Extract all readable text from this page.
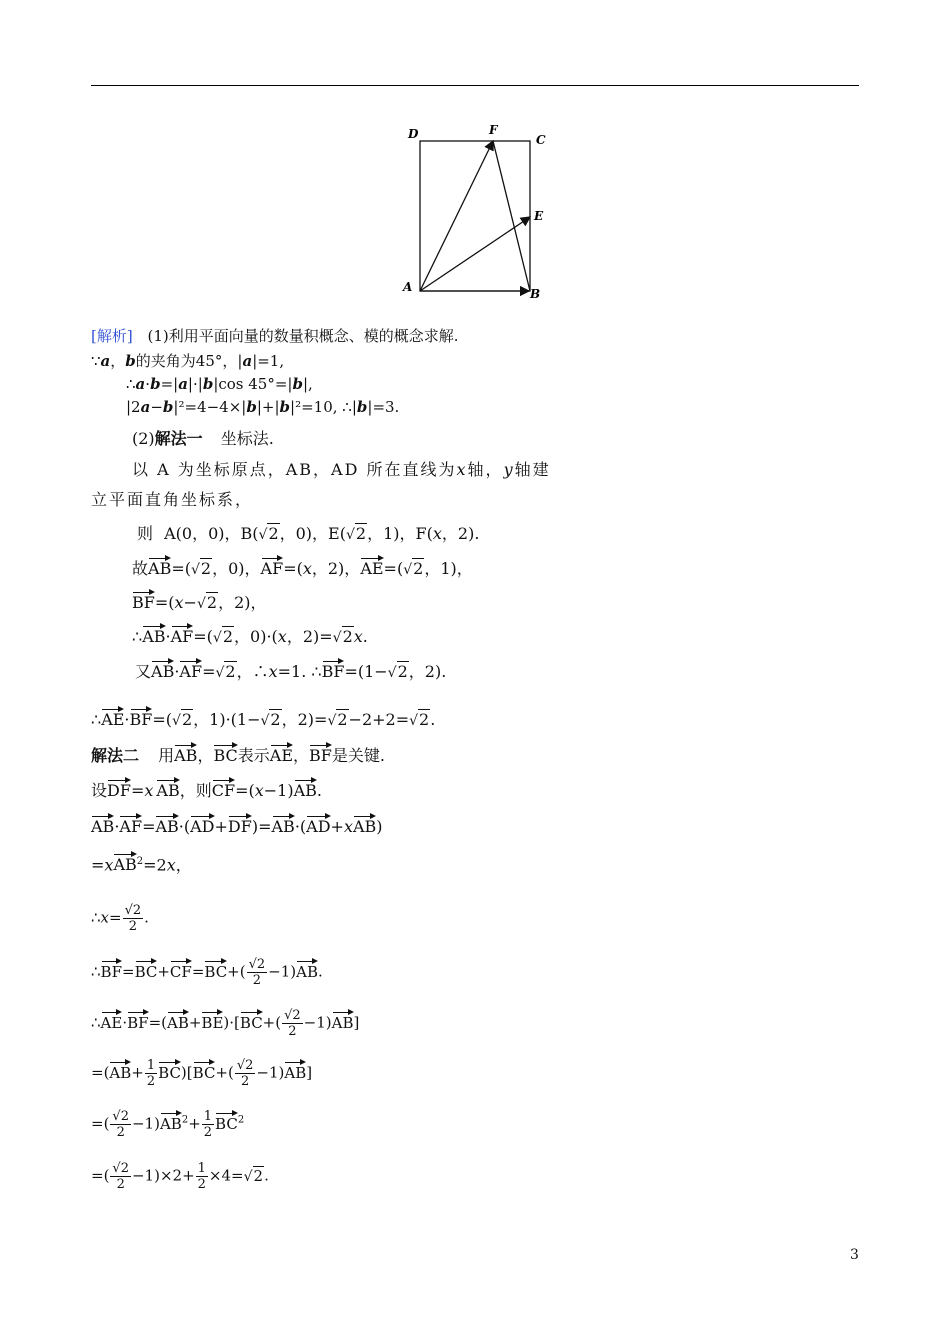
D	F
C
E
A	B
[解析] (1)利用平面向量的数量积概念、模的概念求解.
∵a，b的夹角为45°，|a|=1,
∴a·b=|a|·|b|cos 45°=|b|,
|2a−b|²=4−4×|b|+|b|²=10, ∴|b|=3.
(2)解法一 坐标法.
以 A 为坐标原点，AB，AD 所在直线为x轴，y轴建
立平面直角坐标系，
则 A(0，0)，B(√2，0)，E(√2，1)，F(x，2).
故AB=(√2，0)，AF=(x，2)，AE=(√2，1)，
BF=(x−√2，2)，
∴AB·AF=(√2，0)·(x，2)=√2x.
又AB·AF=√2，∴x=1. ∴BF=(1−√2，2).
∴AE·BF=(√2，1)·(1−√2，2)=√2−2+2=√2.
解法二 用AB，BC表示AE，BF是关键.
设DF=x AB，则CF=(x−1)AB.
AB·AF=AB·(AD+DF)=AB·(AD+xAB)
=xAB$^2$=2x，
∴x= $\frac{√2}{2}$ .
∴BF=BC+CF=BC+( $\frac{√2}{2} -1)AB$.
∴AE·BF=(AB+BE)·[BC+( $\frac{√2}{2} -1)AB$]
$=(AB+ \frac{1}{2} BC)[BC+( \frac{√2}{2} -1)AB]$
=( $\frac{√2}{2} -1)AB^2+ \frac{1}{2} BC^2$
=( $\frac{√2}{2} -1)\times 2+ \frac{1}{2} \times 4=√2$.
3
